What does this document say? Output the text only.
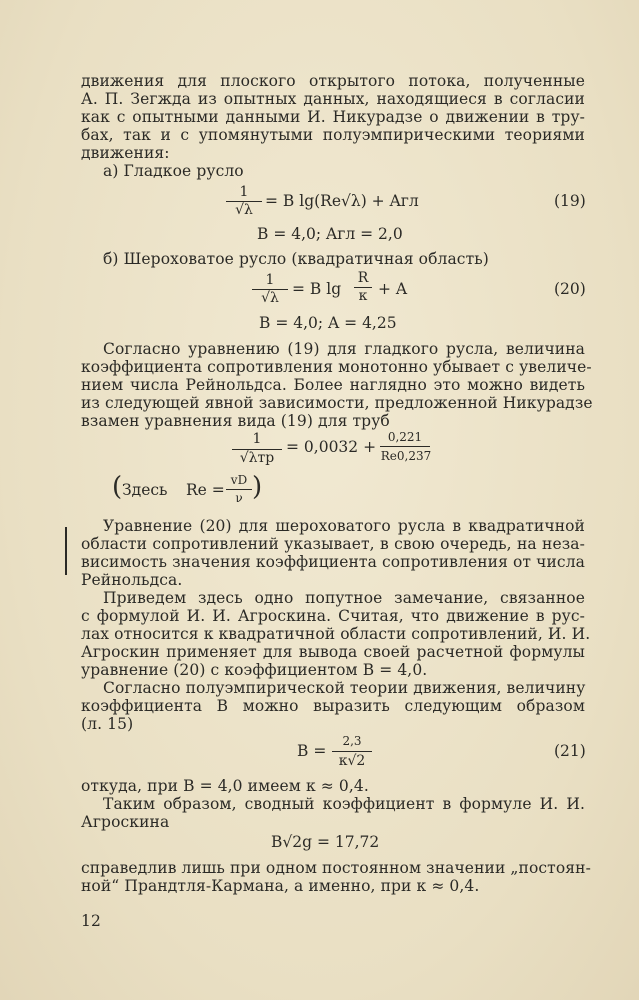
движения для плоского открытого потока, полученные
А. П. Зегжда из опытных данных, находящиеся в согласии
как с опытными данными И. Никурадзе о движении в тру-
бах, так и с упомянутыми полуэмпирическими теориями
движения:
а) Гладкое русло
1
√λ = B lg(Re√λ) + Aгл	(19)
B = 4,0; Aгл = 2,0
б) Шероховатое русло (квадратичная область)
1
√λ = B lg
R
к + A	(20)
B = 4,0; A = 4,25
Согласно уравнению (19) для гладкого русла, величина
коэффициента сопротивления монотонно убывает с увеличе-
нием числа Рейнольдса. Более наглядно это можно видеть
из следующей явной зависимости, предложенной Никурадзе
взамен уравнения вида (19) для труб
1
√λтр
= 0,0032 +
0,221
Re0,237
( Здесь Re =
vD
ν )
Уравнение (20) для шероховатого русла в квадратичной
области сопротивлений указывает, в свою очередь, на неза-
висимость значения коэффициента сопротивления от числа
Рейнольдса.
Приведем здесь одно попутное замечание, связанное
с формулой И. И. Агроскина. Считая, что движение в рус-
лах относится к квадратичной области сопротивлений, И. И.
Агроскин применяет для вывода своей расчетной формулы
уравнение (20) с коэффициентом B = 4,0.
Согласно полуэмпирической теории движения, величину
коэффициента B можно выразить следующим образом
(л. 15)
B =
2,3
κ√2
(21)
откуда, при B = 4,0 имеем κ ≈ 0,4.
Таким образом, сводный коэффициент в формуле И. И.
Агроскина
B√2g = 17,72
справедлив лишь при одном постоянном значении „постоян-
ной“ Прандтля-Кармана, а именно, при κ ≈ 0,4.
12
